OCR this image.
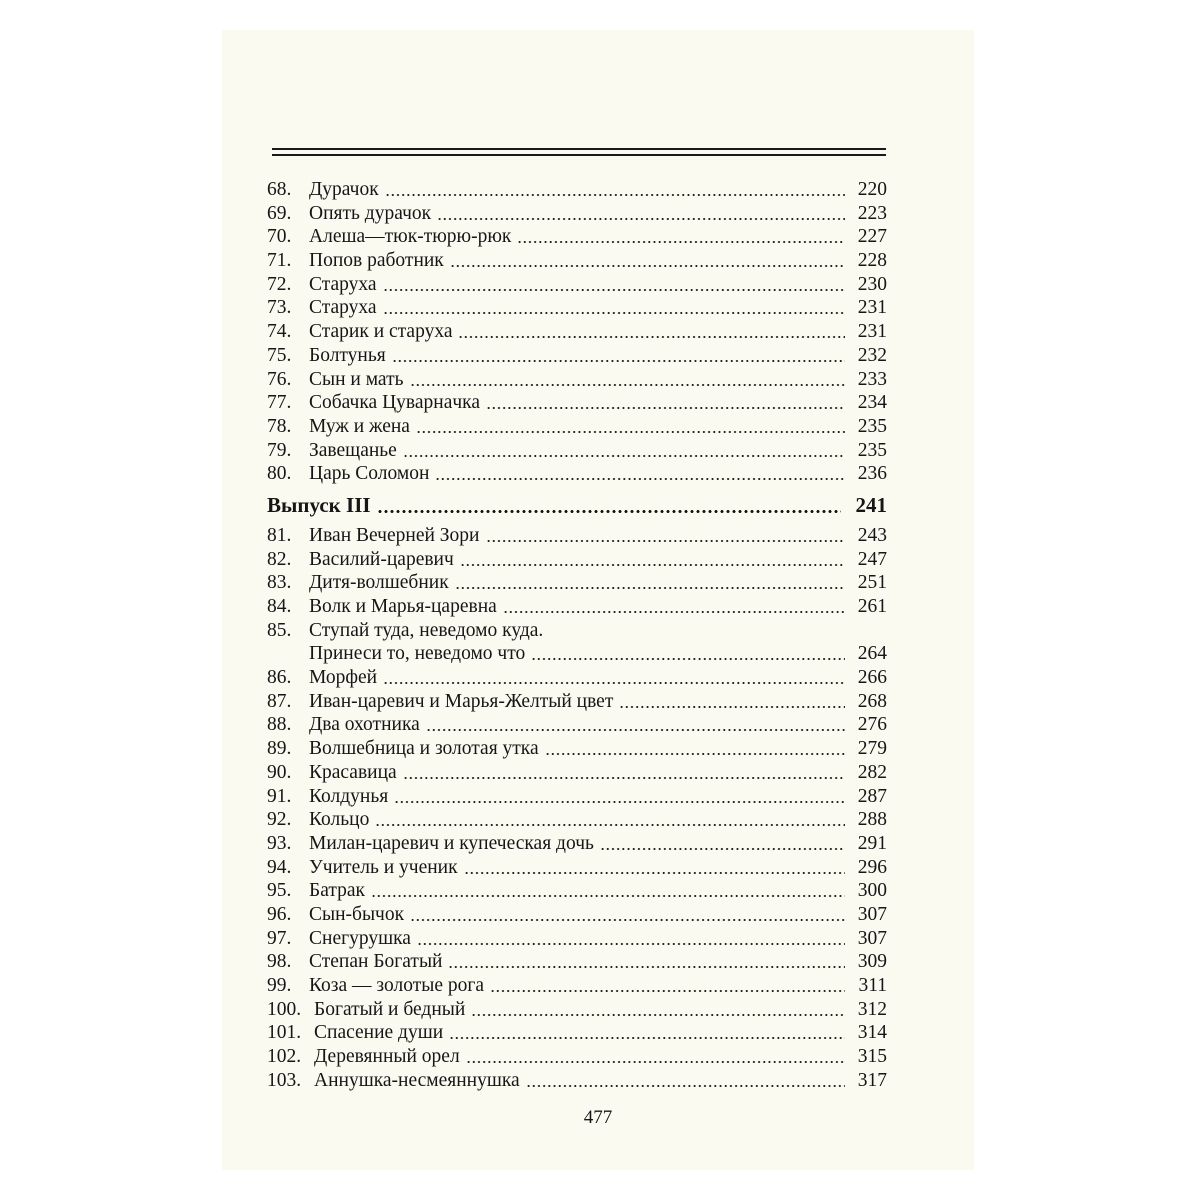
68. Дурачок	220
69. Опять дурачок	223
70. Алеша—тюк-тюрю-рюк	227
71. Попов работник	228
72. Старуха	230
73. Старуха	231
74. Старик и старуха	231
75. Болтунья	232
76. Сын и мать	233
77. Собачка Цуварнaчка	234
78. Муж и жена	235
79. Завещанье	235
80. Царь Соломон	236
Выпуск III	241
81. Иван Вечерней Зори	243
82. Василий-царевич	247
83. Дитя-волшебник	251
84. Волк и Марья-царевна	261
85. Ступай туда, неведомо куда.
Принеси то, неведомо что	264
86. Морфей	266
87. Иван-царевич и Марья-Желтый цвет	268
88. Два охотника	276
89. Волшебница и золотая утка	279
90. Красавица	282
91. Колдунья	287
92. Кольцо	288
93. Милан-царевич и купеческая дочь	291
94. Учитель и ученик	296
95. Батрак	300
96. Сын-бычок	307
97. Снегурушка	307
98. Степан Богатый	309
99. Коза — золотые рога	311
100. Богатый и бедный	312
101. Спасение души	314
102. Деревянный орел	315
103. Аннушка-несмеяннушка	317
477
